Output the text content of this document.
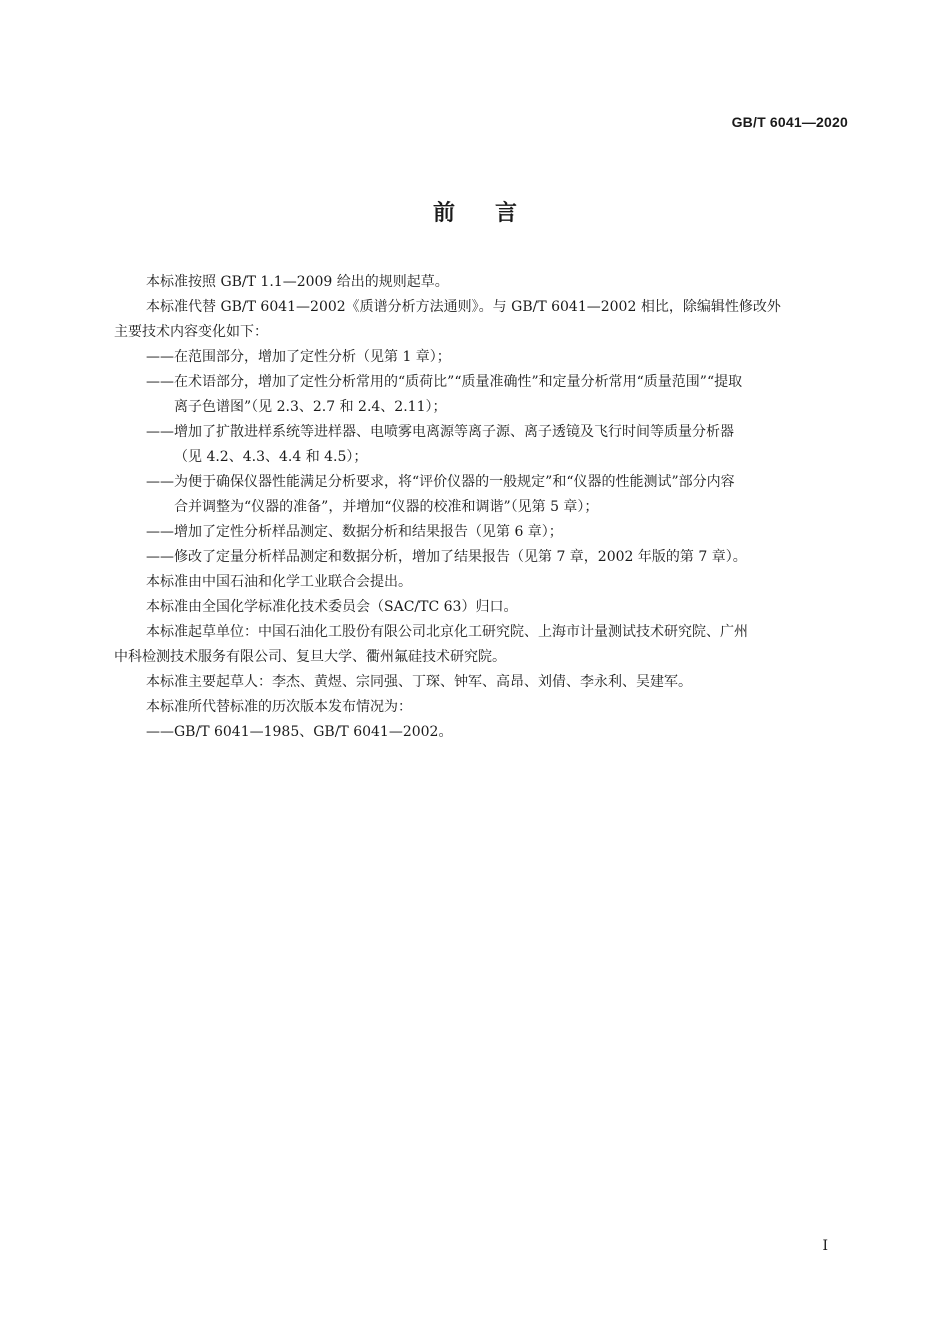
GB/T 6041—2020
前言
本标准按照 GB/T 1.1—2009 给出的规则起草。
本标准代替 GB/T 6041—2002《质谱分析方法通则》。与 GB/T 6041—2002 相比，除编辑性修改外
主要技术内容变化如下：
——在范围部分，增加了定性分析（见第 1 章）；
——在术语部分，增加了定性分析常用的“质荷比”“质量准确性”和定量分析常用“质量范围”“提取
离子色谱图”（见 2.3、2.7 和 2.4、2.11）；
——增加了扩散进样系统等进样器、电喷雾电离源等离子源、离子透镜及飞行时间等质量分析器
（见 4.2、4.3、4.4 和 4.5）；
——为便于确保仪器性能满足分析要求，将“评价仪器的一般规定”和“仪器的性能测试”部分内容
合并调整为“仪器的准备”，并增加“仪器的校准和调谐”（见第 5 章）；
——增加了定性分析样品测定、数据分析和结果报告（见第 6 章）；
——修改了定量分析样品测定和数据分析，增加了结果报告（见第 7 章，2002 年版的第 7 章）。
本标准由中国石油和化学工业联合会提出。
本标准由全国化学标准化技术委员会（SAC/TC 63）归口。
本标准起草单位：中国石油化工股份有限公司北京化工研究院、上海市计量测试技术研究院、广州
中科检测技术服务有限公司、复旦大学、衢州氟硅技术研究院。
本标准主要起草人：李杰、黄煜、宗同强、丁琛、钟军、高昂、刘倩、李永利、吴建军。
本标准所代替标准的历次版本发布情况为：
——GB/T 6041—1985、GB/T 6041—2002。
I
